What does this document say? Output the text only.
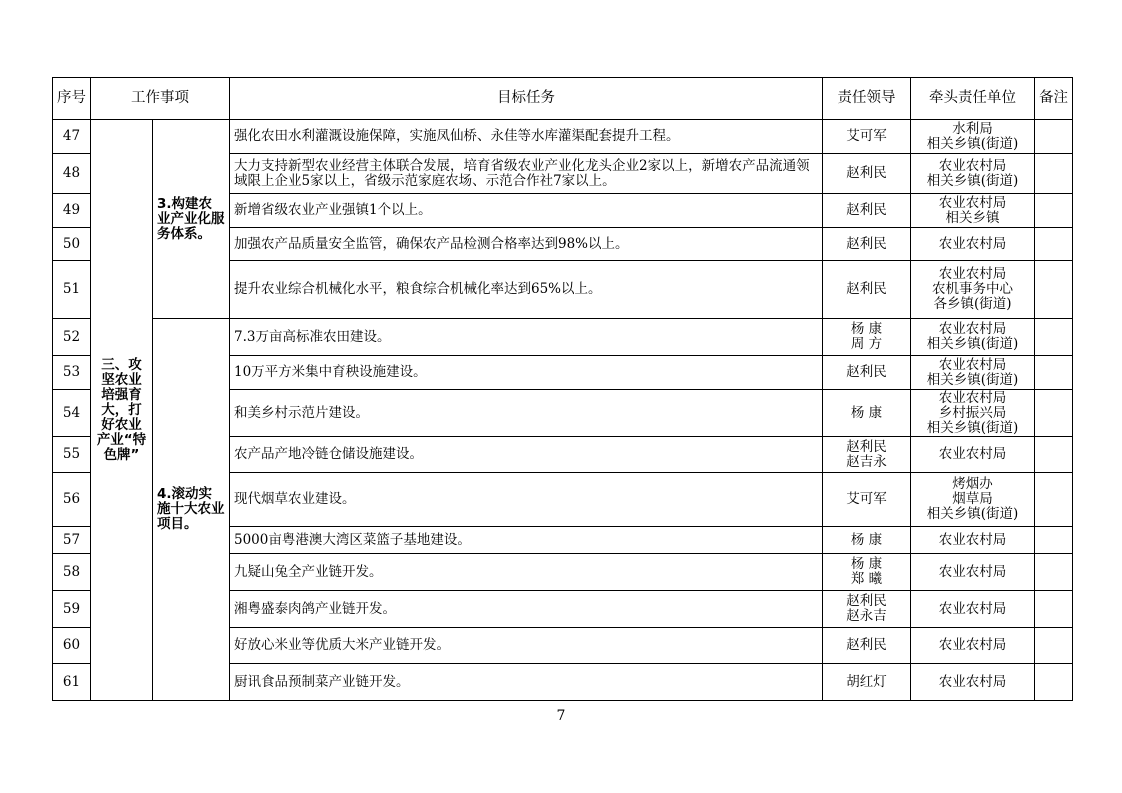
序号	工作事项		目标任务	责任领导	牵头责任单位	备注
47	三、攻坚农业培强育大，打好农业产业“特色牌”	3.构建农业产业化服务体系。	强化农田水利灌溉设施保障，实施凤仙桥、永佳等水库灌渠配套提升工程。	艾可军	水利局
相关乡镇(街道)	

48			大力支持新型农业经营主体联合发展，培育省级农业产业化龙头企业2家以上，新增农产品流通领域限上企业5家以上，省级示范家庭农场、示范合作社7家以上。	赵利民	农业农村局
相关乡镇(街道)	

49			新增省级农业产业强镇1个以上。	赵利民	农业农村局
相关乡镇	

50			加强农产品质量安全监管，确保农产品检测合格率达到98%以上。	赵利民	农业农村局	

51			提升农业综合机械化水平，粮食综合机械化率达到65%以上。	赵利民	农业农村局
农机事务中心
各乡镇(街道)	

52		4.滚动实施十大农业项目。	7.3万亩高标准农田建设。	杨 康
周 方	农业农村局
相关乡镇(街道)	

53			10万平方米集中育秧设施建设。	赵利民	农业农村局
相关乡镇(街道)	

54			和美乡村示范片建设。	杨 康	农业农村局
乡村振兴局
相关乡镇(街道)	

55			农产品产地冷链仓储设施建设。	赵利民
赵吉永	农业农村局	

56			现代烟草农业建设。	艾可军	烤烟办
烟草局
相关乡镇(街道)	

57			5000亩粤港澳大湾区菜篮子基地建设。	杨 康	农业农村局	

58			九疑山兔全产业链开发。	杨 康
郑 曦	农业农村局	

59			湘粤盛泰肉鸽产业链开发。	赵利民
赵永吉	农业农村局	

60			好放心米业等优质大米产业链开发。	赵利民	农业农村局	

61			厨讯食品预制菜产业链开发。	胡红灯	农业农村局	

7
